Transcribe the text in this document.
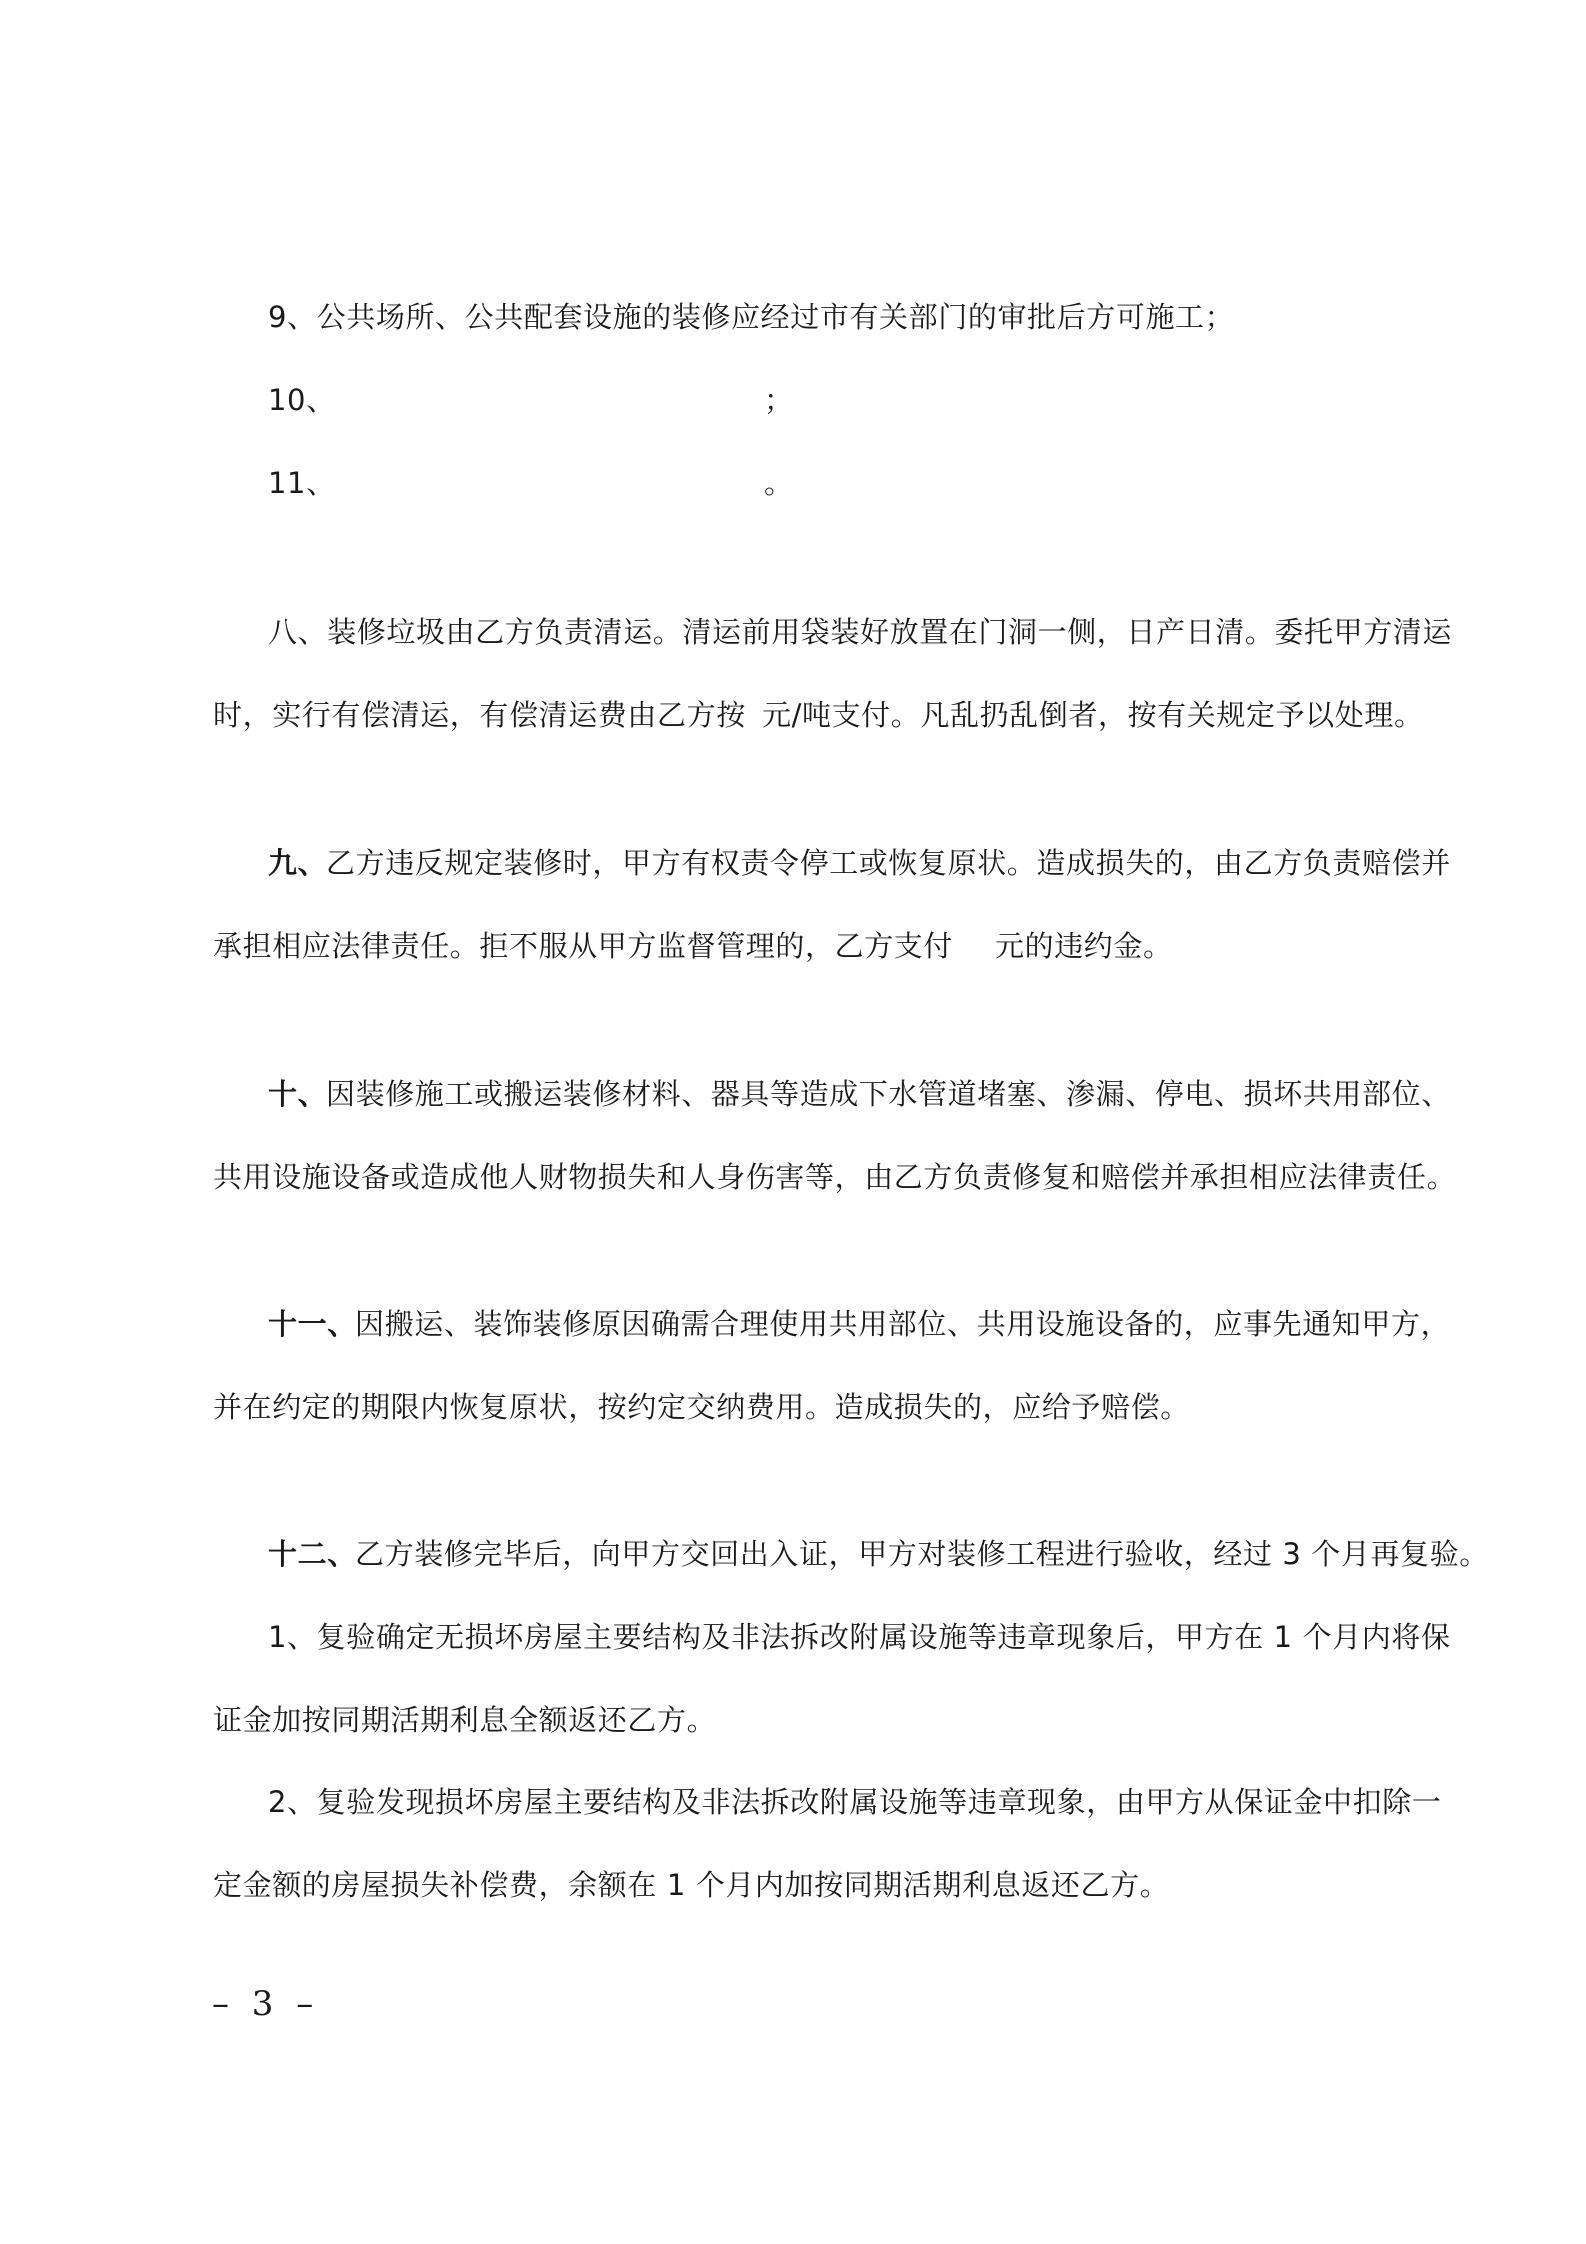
9、公共场所、公共配套设施的装修应经过市有关部门的审批后方可施工；
10、	；
11、	。
八、装修垃圾由乙方负责清运。清运前用袋装好放置在门洞一侧，日产日清。委托甲方清运
时，实行有偿清运，有偿清运费由乙方按 元/吨支付。凡乱扔乱倒者，按有关规定予以处理。
九、
乙方违反规定装修时，甲方有权责令停工或恢复原状。造成损失的，由乙方负责赔偿并
承担相应法律责任。拒不服从甲方监督管理的，乙方支付 元的违约金。
十、
因装修施工或搬运装修材料、器具等造成下水管道堵塞、渗漏、停电、损坏共用部位、
共用设施设备或造成他人财物损失和人身伤害等，由乙方负责修复和赔偿并承担相应法律责任。
十一、
因搬运、装饰装修原因确需合理使用共用部位、共用设施设备的，应事先通知甲方，
并在约定的期限内恢复原状，按约定交纳费用。造成损失的，应给予赔偿。
十二、
乙方装修完毕后，向甲方交回出入证，甲方对装修工程进行验收，经过 3 个月再复验。
1、复验确定无损坏房屋主要结构及非法拆改附属设施等违章现象后，甲方在 1 个月内将保
证金加按同期活期利息全额返还乙方。
2、复验发现损坏房屋主要结构及非法拆改附属设施等违章现象，由甲方从保证金中扣除一
定金额的房屋损失补偿费，余额在 1 个月内加按同期活期利息返还乙方。
– 3 –
